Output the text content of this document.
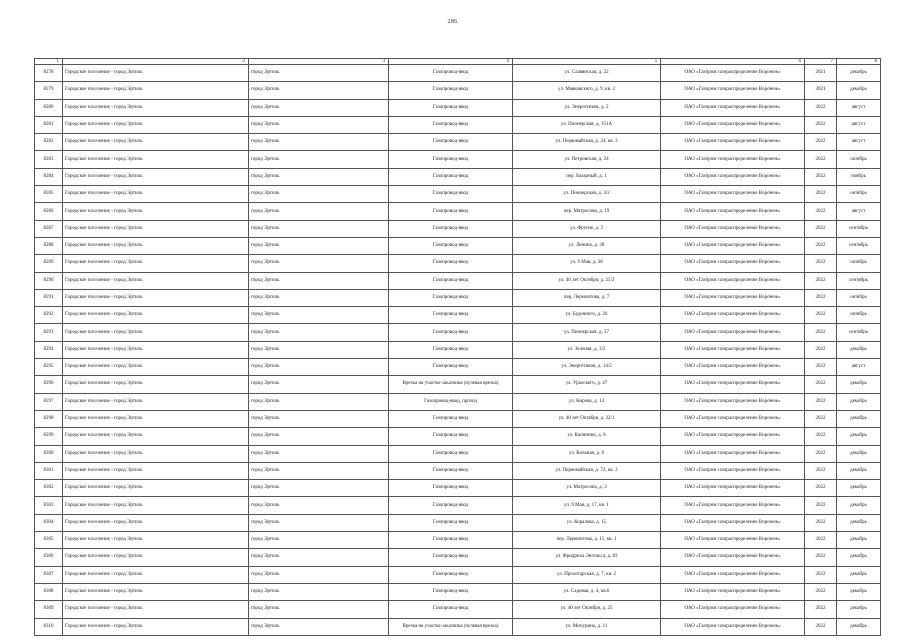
286
1	2	3	4	5	6	7	8
8278	Городское поселение - город Эртиль	город Эртиль	Газопровод-ввод	ул. Славянская, д. 22	ОАО «Газпром газораспределение Воронеж»	2021	декабрь
8279	Городское поселение - город Эртиль	город Эртиль	Газопровод-ввод	ул. Маяковского, д. 9, кв. 2	ОАО «Газпром газораспределение Воронеж»	2021	декабрь
8280	Городское поселение - город Эртиль	город Эртиль	Газопровод-ввод	ул. Энергетиков, д. 2	ОАО «Газпром газораспределение Воронеж»	2022	август
8281	Городское поселение - город Эртиль	город Эртиль	Газопровод-ввод	ул. Пионерская, д. 151А	ОАО «Газпром газораспределение Воронеж»	2022	август
8282	Городское поселение - город Эртиль	город Эртиль	Газопровод-ввод	ул. Первомайская, д. 24, кв. 3	ОАО «Газпром газораспределение Воронеж»	2022	август
8283	Городское поселение - город Эртиль	город Эртиль	Газопровод-ввод	ул. Петровская, д. 24	ОАО «Газпром газораспределение Воронеж»	2022	октябрь
8284	Городское поселение - город Эртиль	город Эртиль	Газопровод-ввод	пер. Базарный, д. 1	ОАО «Газпром газораспределение Воронеж»	2022	ноябрь
8285	Городское поселение - город Эртиль	город Эртиль	Газопровод-ввод	ул. Пионерская, д. 3/2	ОАО «Газпром газораспределение Воронеж»	2022	октябрь
8286	Городское поселение - город Эртиль	город Эртиль	Газопровод-ввод	пер. Матросова, д. 19	ОАО «Газпром газораспределение Воронеж»	2022	август
8287	Городское поселение - город Эртиль	город Эртиль	Газопровод-ввод	ул. Фрунзе, д. 3	ОАО «Газпром газораспределение Воронеж»	2022	сентябрь
8288	Городское поселение - город Эртиль	город Эртиль	Газопровод-ввод	ул. Ленина, д. 38	ОАО «Газпром газораспределение Воронеж»	2022	сентябрь
8289	Городское поселение - город Эртиль	город Эртиль	Газопровод-ввод	ул. 9 Мая, д. 38	ОАО «Газпром газораспределение Воронеж»	2022	октябрь
8290	Городское поселение - город Эртиль	город Эртиль	Газопровод-ввод	ул. 40 лет Октября, д. 25/2	ОАО «Газпром газораспределение Воронеж»	2022	сентябрь
8291	Городское поселение - город Эртиль	город Эртиль	Газопровод-ввод	пер. Лермонтова, д. 7	ОАО «Газпром газораспределение Воронеж»	2022	октябрь
8292	Городское поселение - город Эртиль	город Эртиль	Газопровод-ввод	ул. Буденного, д. 26	ОАО «Газпром газораспределение Воронеж»	2022	октябрь
8293	Городское поселение - город Эртиль	город Эртиль	Газопровод-ввод	ул. Пионерская, д. 37	ОАО «Газпром газораспределение Воронеж»	2022	сентябрь
8294	Городское поселение - город Эртиль	город Эртиль	Газопровод-ввод	ул. Зеленая, д. 3/2	ОАО «Газпром газораспределение Воронеж»	2022	декабрь
8295	Городское поселение - город Эртиль	город Эртиль	Газопровод-ввод	ул. Энергетиков, д. 14/2	ОАО «Газпром газораспределение Воронеж»	2022	август
8296	Городское поселение - город Эртиль	город Эртиль	Врезка на участке заказчика (нулевая врезка)	ул. Уралского, д. 47	ОАО «Газпром газораспределение Воронеж»	2022	декабрь
8297	Городское поселение - город Эртиль	город Эртиль	Газопровод-ввод, проход	ул. Кирова, д. 14	ОАО «Газпром газораспределение Воронеж»	2022	декабрь
8298	Городское поселение - город Эртиль	город Эртиль	Газопровод-ввод	ул. 40 лет Октября, д. 32/1	ОАО «Газпром газораспределение Воронеж»	2022	декабрь
8299	Городское поселение - город Эртиль	город Эртиль	Газопровод-ввод	ул. Калинина, д. 8	ОАО «Газпром газораспределение Воронеж»	2022	декабрь
8300	Городское поселение - город Эртиль	город Эртиль	Газопровод-ввод	ул. Вольная, д. 8	ОАО «Газпром газораспределение Воронеж»	2022	декабрь
8301	Городское поселение - город Эртиль	город Эртиль	Газопровод-ввод	ул. Первомайская, д. 72, кв. 2	ОАО «Газпром газораспределение Воронеж»	2022	декабрь
8302	Городское поселение - город Эртиль	город Эртиль	Газопровод-ввод	ул. Матросова, д. 3	ОАО «Газпром газораспределение Воронеж»	2022	декабрь
8303	Городское поселение - город Эртиль	город Эртиль	Газопровод-ввод	ул. 9 Мая, д. 17, кв. 1	ОАО «Газпром газораспределение Воронеж»	2022	декабрь
8304	Городское поселение - город Эртиль	город Эртиль	Газопровод-ввод	ул. Коралева, д. 15	ОАО «Газпром газораспределение Воронеж»	2022	декабрь
8305	Городское поселение - город Эртиль	город Эртиль	Газопровод-ввод	пер. Лермонтова, д. 11, кв. 1	ОАО «Газпром газораспределение Воронеж»	2022	декабрь
8306	Городское поселение - город Эртиль	город Эртиль	Газопровод-ввод	ул. Фридриха Энгельса, д. 83	ОАО «Газпром газораспределение Воронеж»	2022	декабрь
8307	Городское поселение - город Эртиль	город Эртиль	Газопровод-ввод	ул. Пролетарская, д. 7, кв. 2	ОАО «Газпром газораспределение Воронеж»	2022	декабрь
8308	Городское поселение - город Эртиль	город Эртиль	Газопровод-ввод	ул. Садовая, д. 4, кв.6	ОАО «Газпром газораспределение Воронеж»	2022	декабрь
8309	Городское поселение - город Эртиль	город Эртиль	Газопровод-ввод	ул. 40 лет Октября, д. 25	ОАО «Газпром газораспределение Воронеж»	2022	декабрь
8310	Городское поселение - город Эртиль	город Эртиль	Врезка на участке заказчика (нулевая врезка)	ул. Мичурина, д. 11	ОАО «Газпром газораспределение Воронеж»	2022	декабрь
